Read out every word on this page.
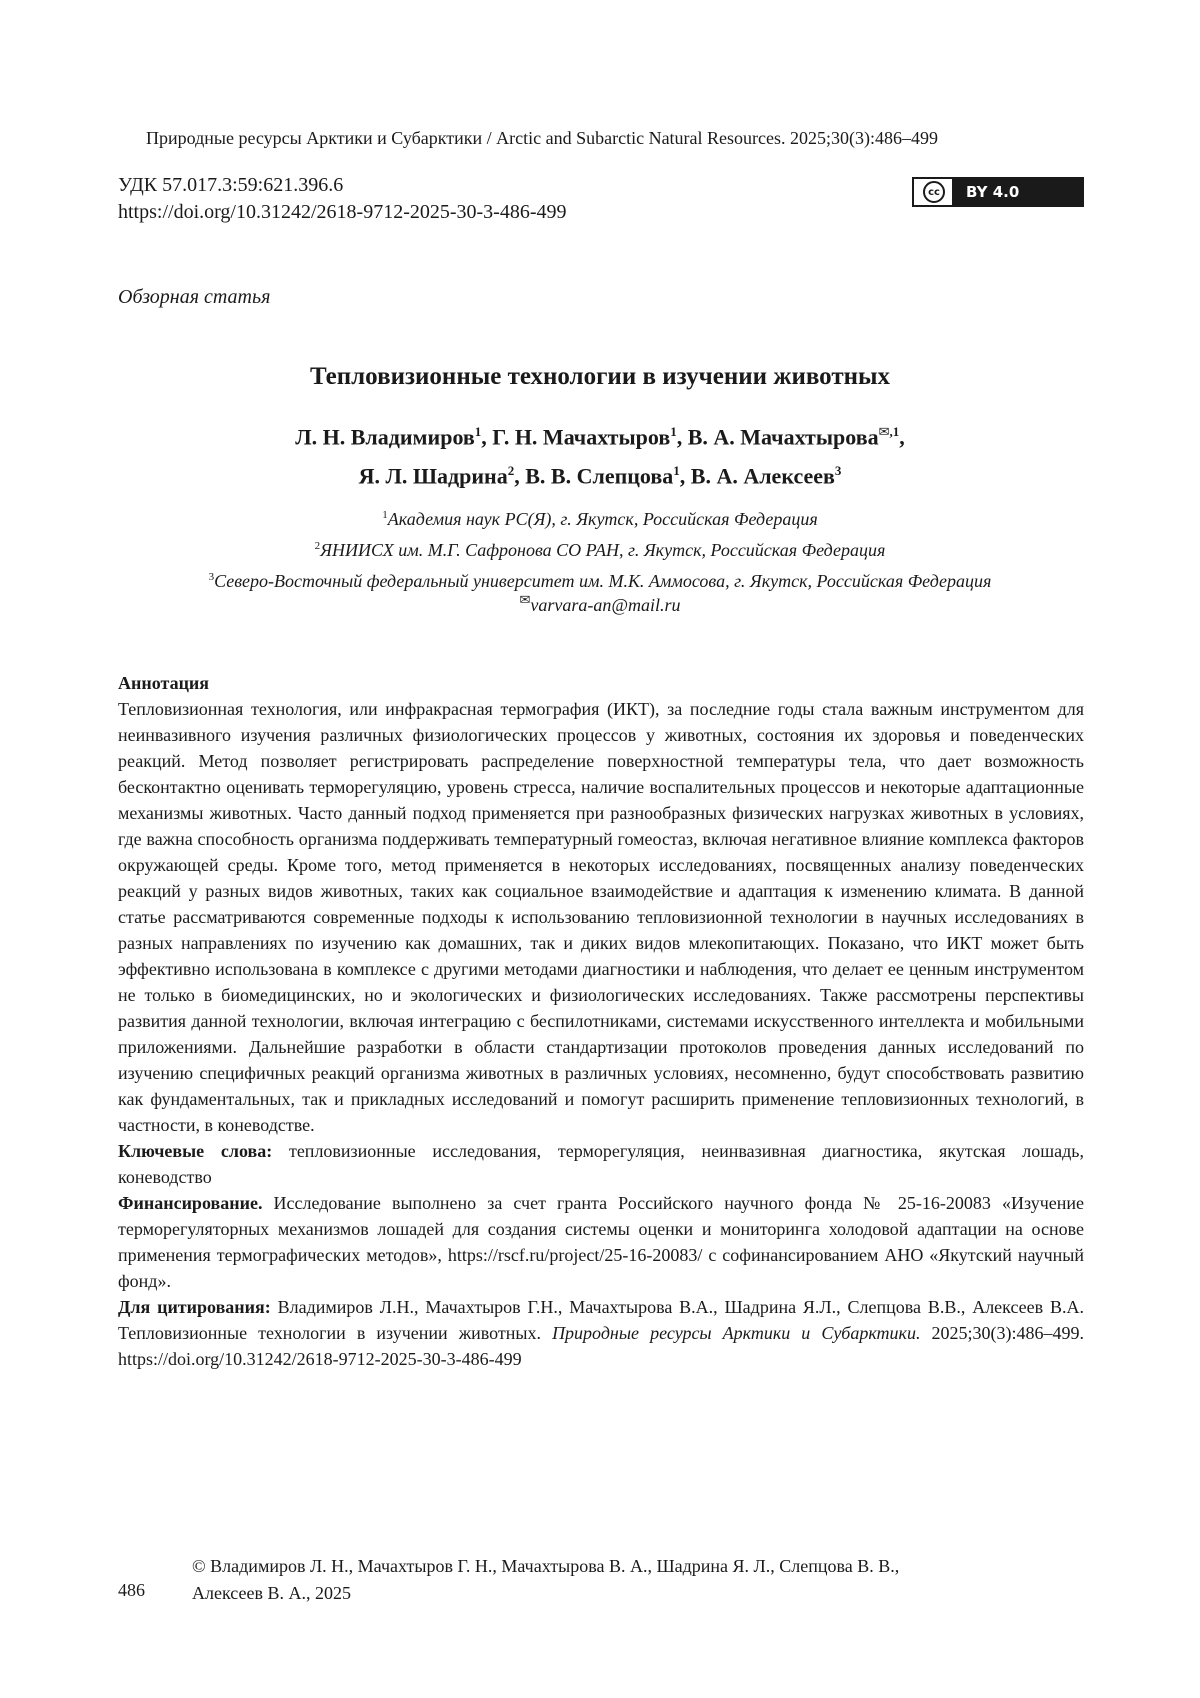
Природные ресурсы Арктики и Субарктики / Arctic and Subarctic Natural Resources. 2025;30(3):486–499
УДК 57.017.3:59:621.396.6
https://doi.org/10.31242/2618-9712-2025-30-3-486-499
cc	BY 4.0
Обзорная статья
Тепловизионные технологии в изучении животных
Л. Н. Владимиров$^1$, Г. Н. Мачахтыров$^1$, В. А. Мачахтырова$^{✉,1}$,
Я. Л. Шадрина$^2$, В. В. Слепцова$^1$, В. А. Алексеев$^3$
$^1$Академия наук РС(Я), г. Якутск, Российская Федерация
$^2$ЯНИИСХ им. М.Г. Сафронова СО РАН, г. Якутск, Российская Федерация
$^3$Северо-Восточный федеральный университет им. М.К. Аммосова, г. Якутск, Российская Федерация
✉varvara-an@mail.ru

Аннотация

Тепловизионная технология, или инфракрасная термография (ИКТ), за последние годы стала важным инструментом для неинвазивного изучения различных физиологических процессов у животных, состояния их здоровья и поведенческих реакций. Метод позволяет регистрировать распределение поверхностной температуры тела, что дает возможность бесконтактно оценивать терморегуляцию, уровень стресса, наличие воспалительных процессов и некоторые адаптационные механизмы животных. Часто данный подход применяется при разнообразных физических нагрузках животных в условиях, где важна способность организма поддерживать температурный гомеостаз, включая негативное влияние комплекса факторов окружающей среды. Кроме того, метод применяется в некоторых исследованиях, посвященных анализу поведенческих реакций у разных видов животных, таких как социальное взаимодействие и адаптация к изменению климата. В данной статье рассматриваются современные подходы к использованию тепловизионной технологии в научных исследованиях в разных направлениях по изучению как домашних, так и диких видов млекопитающих. Показано, что ИКТ может быть эффективно использована в комплексе с другими методами диагностики и наблюдения, что делает ее ценным инструментом не только в биомедицинских, но и экологических и физиологических исследованиях. Также рассмотрены перспективы развития данной технологии, включая интеграцию с беспилотниками, системами искусственного интеллекта и мобильными приложениями. Дальнейшие разработки в области стандартизации протоколов проведения данных исследований по изучению специфичных реакций организма животных в различных условиях, несомненно, будут способствовать развитию как фундаментальных, так и прикладных исследований и помогут расширить применение тепловизионных технологий, в частности, в коневодстве.

Ключевые слова: тепловизионные исследования, терморегуляция, неинвазивная диагностика, якутская лошадь, коневодство

Финансирование. Исследование выполнено за счет гранта Российского научного фонда № 25-16-20083 «Изучение терморегуляторных механизмов лошадей для создания системы оценки и мониторинга холодовой адаптации на основе применения термографических методов», https://rscf.ru/project/25-16-20083/ с софинансированием АНО «Якутский научный фонд».

Для цитирования: Владимиров Л.Н., Мачахтыров Г.Н., Мачахтырова В.А., Шадрина Я.Л., Слепцова В.В., Алексеев В.А. Тепловизионные технологии в изучении животных. Природные ресурсы Арктики и Субарктики. 2025;30(3):486–499. https://doi.org/10.31242/2618-9712-2025-30-3-486-499

© Владимиров Л. Н., Мачахтыров Г. Н., Мачахтырова В. А., Шадрина Я. Л., Слепцова В. В.,
Алексеев В. А., 2025
486
